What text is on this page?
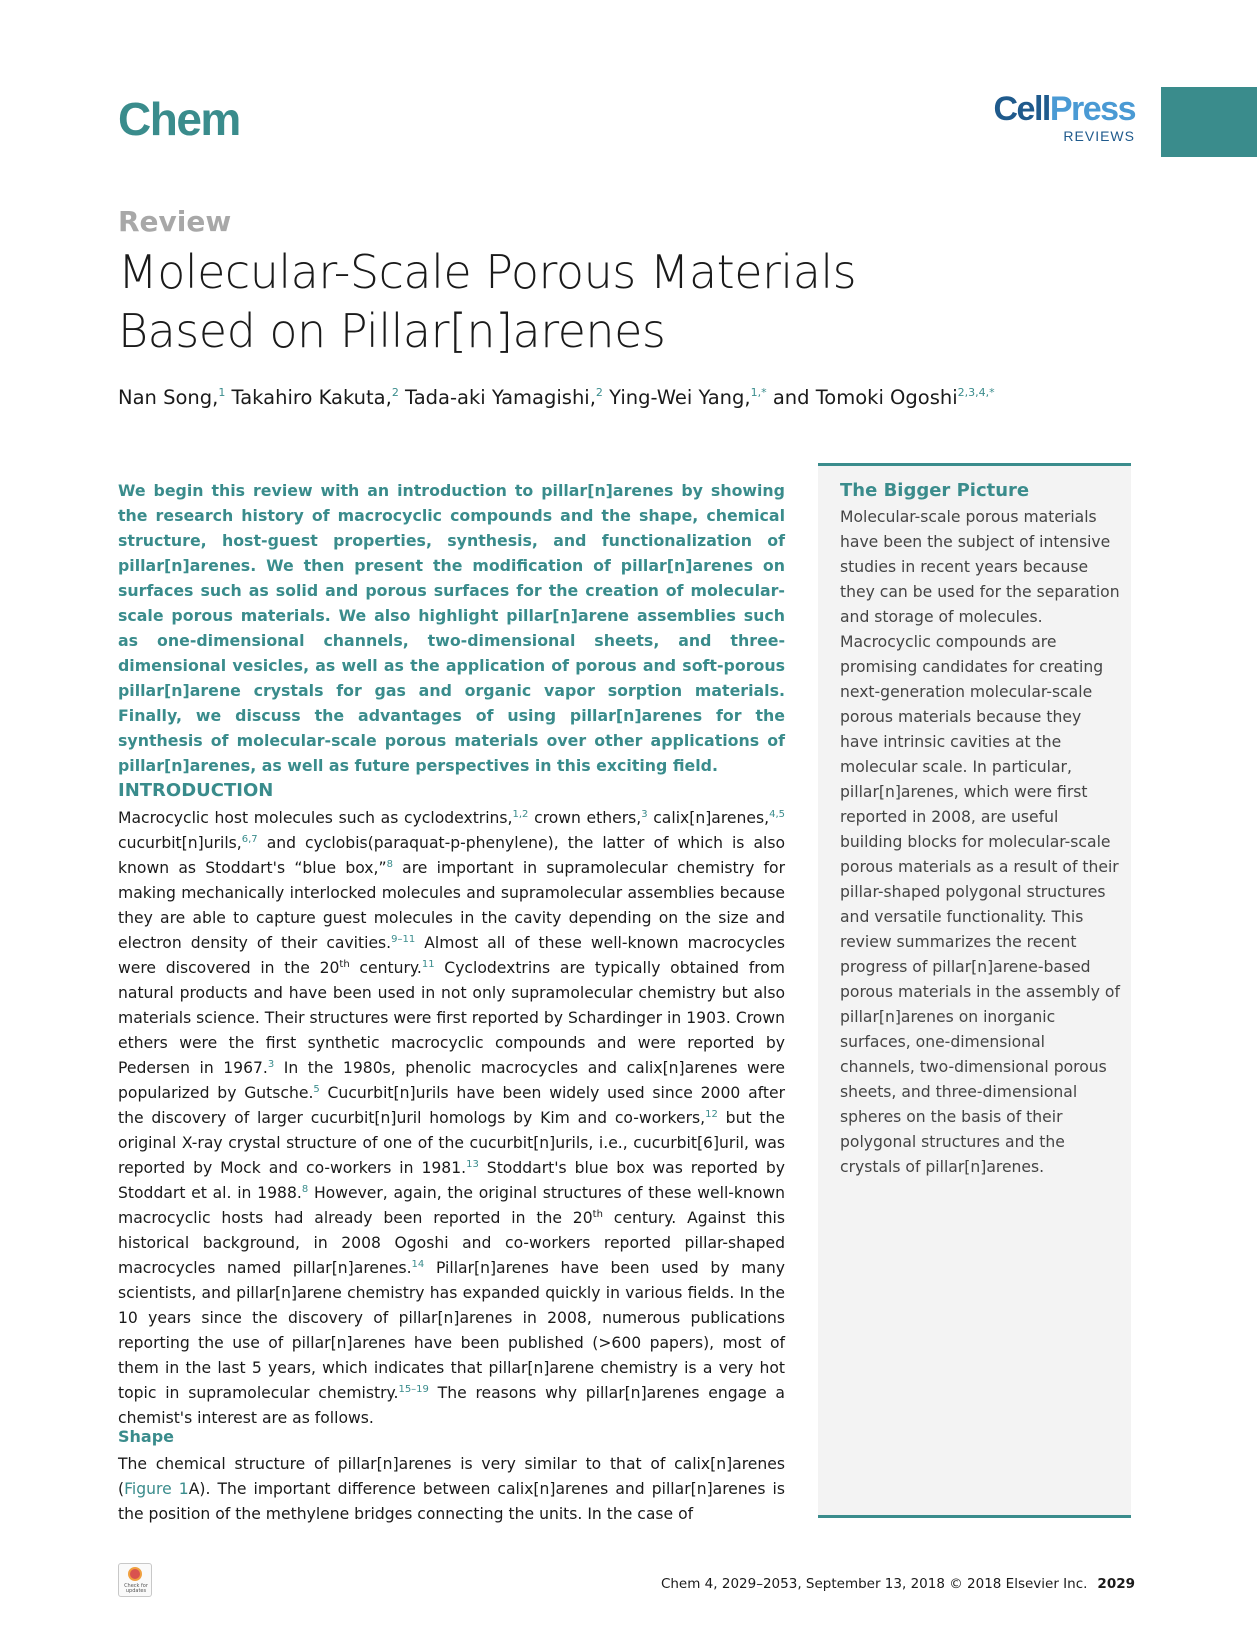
Chem	CellPress
REVIEWS
Review
Molecular-Scale Porous Materials
Based on Pillar[n]arenes
Nan Song,$^1$ Takahiro Kakuta,$^2$ Tada-aki Yamagishi,$^2$ Ying-Wei Yang,$^{1,*}$ and Tomoki Ogoshi$^{2,3,4,*}$
We begin this review with an introduction to pillar[n]arenes by showing the research history of macrocyclic compounds and the shape, chemical structure, host-guest properties, synthesis, and functionalization of pillar[n]arenes. We then present the modification of pillar[n]arenes on surfaces such as solid and porous surfaces for the creation of molecular-scale porous materials. We also highlight pillar[n]arene assemblies such as one-dimensional channels, two-dimensional sheets, and three-dimensional vesicles, as well as the application of porous and soft-porous pillar[n]arene crystals for gas and organic vapor sorption materials. Finally, we discuss the advantages of using pillar[n]arenes for the synthesis of molecular-scale porous materials over other applications of pillar[n]arenes, as well as future perspectives in this exciting field.
INTRODUCTION
Macrocyclic host molecules such as cyclodextrins,$^{1,2}$ crown ethers,$^3$ calix[n]arenes,$^{4,5}$ cucurbit[n]urils,$^{6,7}$ and cyclobis(paraquat-p-phenylene), the latter of which is also known as Stoddart's “blue box,”$^8$ are important in supramolecular chemistry for making mechanically interlocked molecules and supramolecular assemblies because they are able to capture guest molecules in the cavity depending on the size and electron density of their cavities.$^{9-11}$ Almost all of these well-known macrocycles were discovered in the 20th century.$^{11}$ Cyclodextrins are typically obtained from natural products and have been used in not only supramolecular chemistry but also materials science. Their structures were first reported by Schardinger in 1903. Crown ethers were the first synthetic macrocyclic compounds and were reported by Pedersen in 1967.$^3$ In the 1980s, phenolic macrocycles and calix[n]arenes were popularized by Gutsche.$^5$ Cucurbit[n]urils have been widely used since 2000 after the discovery of larger cucurbit[n]uril homologs by Kim and co-workers,$^{12}$ but the original X-ray crystal structure of one of the cucurbit[n]urils, i.e., cucurbit[6]uril, was reported by Mock and co-workers in 1981.13 Stoddart's blue box was reported by Stoddart et al. in 1988.$^8$ However, again, the original structures of these well-known macrocyclic hosts had already been reported in the 20th century. Against this historical background, in 2008 Ogoshi and co-workers reported pillar-shaped macrocycles named pillar[n]arenes.$^{14}$ Pillar[n]arenes have been used by many scientists, and pillar[n]arene chemistry has expanded quickly in various fields. In the 10 years since the discovery of pillar[n]arenes in 2008, numerous publications reporting the use of pillar[n]arenes have been published (>600 papers), most of them in the last 5 years, which indicates that pillar[n]arene chemistry is a very hot topic in supramolecular chemistry.$^{15-19}$ The reasons why pillar[n]arenes engage a chemist's interest are as follows.
Shape
The chemical structure of pillar[n]arenes is very similar to that of calix[n]arenes (Figure 1A). The important difference between calix[n]arenes and pillar[n]arenes is the position of the methylene bridges connecting the units. In the case of
The Bigger Picture
Molecular-scale porous materials have been the subject of intensive studies in recent years because they can be used for the separation and storage of molecules. Macrocyclic compounds are promising candidates for creating next-generation molecular-scale porous materials because they have intrinsic cavities at the molecular scale. In particular, pillar[n]arenes, which were first reported in 2008, are useful building blocks for molecular-scale porous materials as a result of their pillar-shaped polygonal structures and versatile functionality. This review summarizes the recent progress of pillar[n]arene-based porous materials in the assembly of pillar[n]arenes on inorganic surfaces, one-dimensional channels, two-dimensional porous sheets, and three-dimensional spheres on the basis of their polygonal structures and the crystals of pillar[n]arenes.
Check for updates	Chem 4, 2029–2053, September 13, 2018 © 2018 Elsevier Inc. 2029
